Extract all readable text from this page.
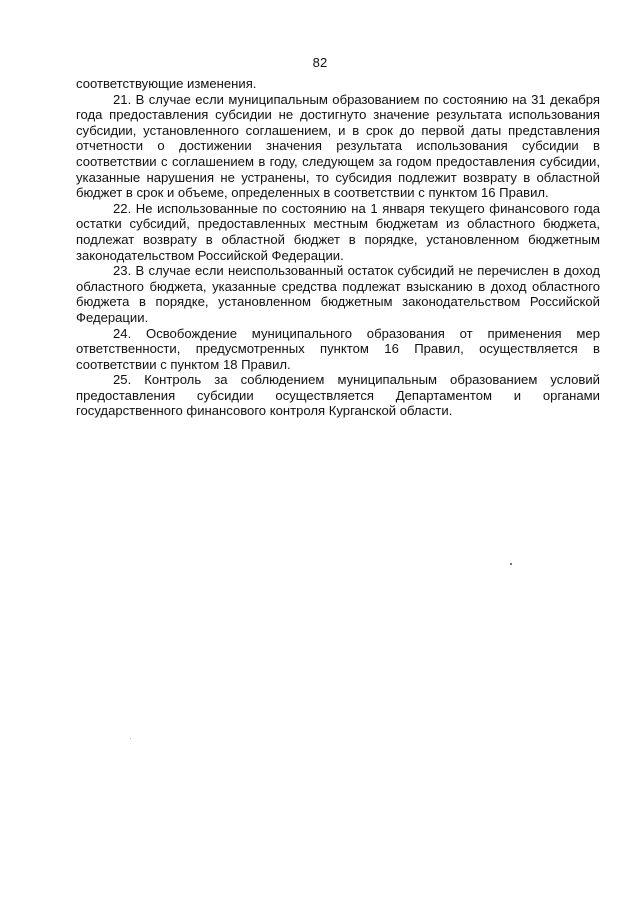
82

соответствующие изменения.

21. В случае если муниципальным образованием по состоянию на 31 декабря года предоставления субсидии не достигнуто значение результата использования субсидии, установленного соглашением, и в срок до первой даты представления отчетности о достижении значения результата использования субсидии в соответствии с соглашением в году, следующем за годом предоставления субсидии, указанные нарушения не устранены, то субсидия подлежит возврату в областной бюджет в срок и объеме, определенных в соответствии с пунктом 16 Правил.

22. Не использованные по состоянию на 1 января текущего финансового года остатки субсидий, предоставленных местным бюджетам из областного бюджета, подлежат возврату в областной бюджет в порядке, установленном бюджетным законодательством Российской Федерации.

23. В случае если неиспользованный остаток субсидий не перечислен в доход областного бюджета, указанные средства подлежат взысканию в доход областного бюджета в порядке, установленном бюджетным законодательством Российской Федерации.

24. Освобождение муниципального образования от применения мер ответственности, предусмотренных пунктом 16 Правил, осуществляется в соответствии с пунктом 18 Правил.

25. Контроль за соблюдением муниципальным образованием условий предоставления субсидии осуществляется Департаментом и органами государственного финансового контроля Курганской области.
